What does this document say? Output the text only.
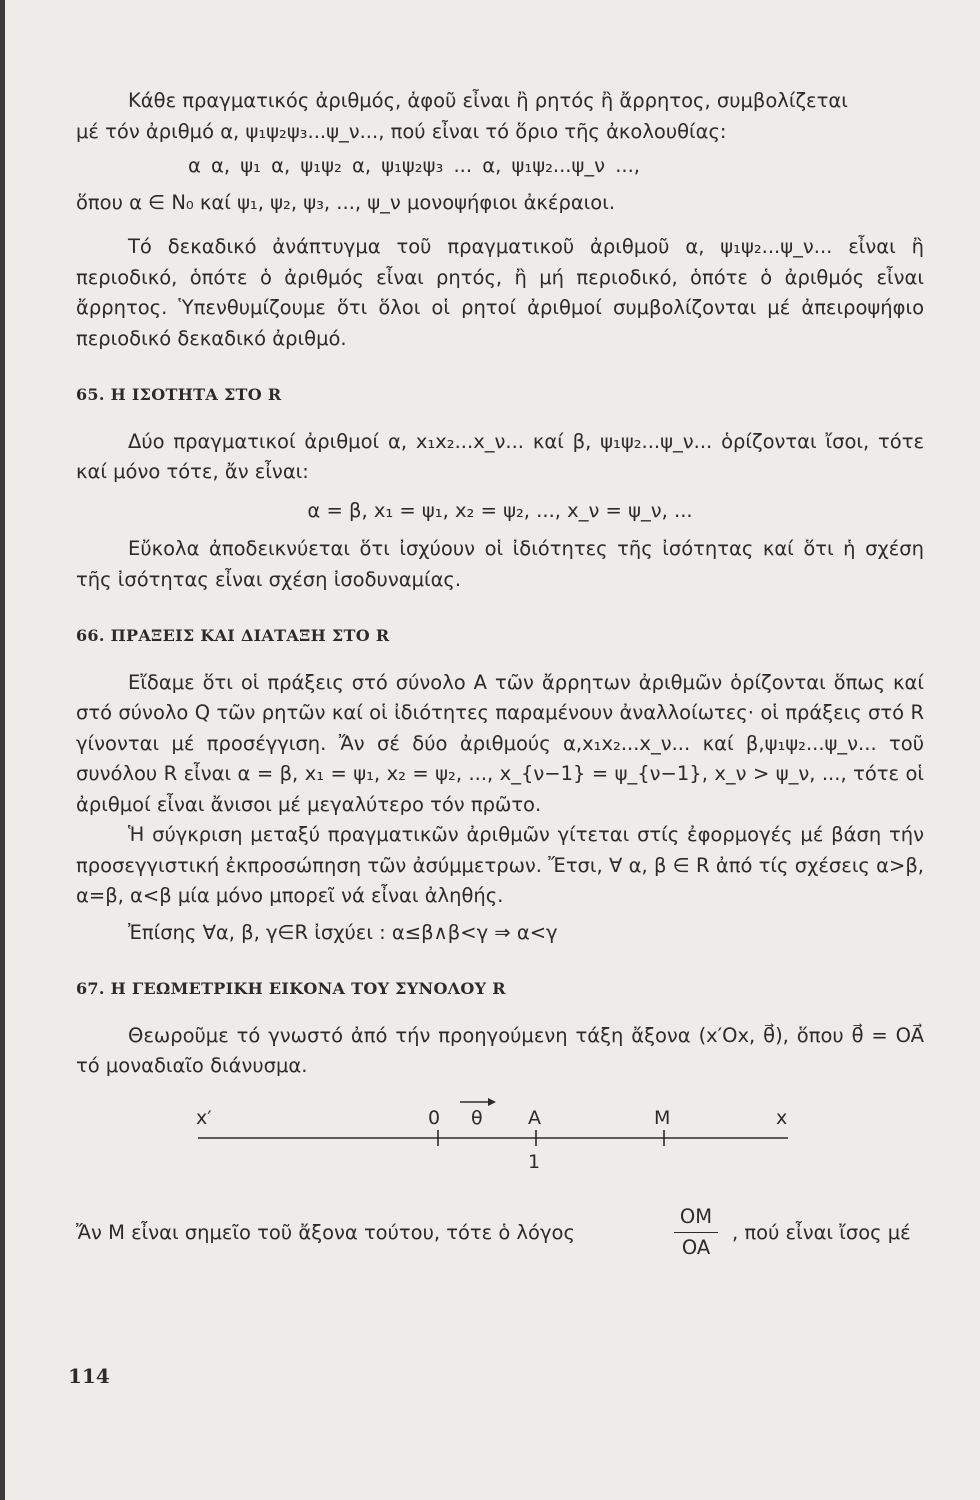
Κάθε πραγματικός ἀριθμός, ἀφοῦ εἶναι ἢ ρητός ἢ ἄρρητος, συμβολίζεται

μέ τόν ἀριθμό α, ψ₁ψ₂ψ₃...ψ_ν..., πού εἶναι τό ὅριο τῆς ἀκολουθίας:

α α, ψ₁ α, ψ₁ψ₂ α, ψ₁ψ₂ψ₃ ... α, ψ₁ψ₂...ψ_ν ...,

ὅπου α ∈ N₀ καί ψ₁, ψ₂, ψ₃, ..., ψ_ν μονοψήφιοι ἀκέραιοι.

Τό δεκαδικό ἀνάπτυγμα τοῦ πραγματικοῦ ἀριθμοῦ α, ψ₁ψ₂...ψ_ν... εἶναι ἢ περιοδικό, ὁπότε ὁ ἀριθμός εἶναι ρητός, ἢ μή περιοδικό, ὁπότε ὁ ἀριθμός εἶναι ἄρρητος. Ὑπενθυμίζουμε ὅτι ὅλοι οἱ ρητοί ἀριθμοί συμβολίζονται μέ ἀπειροψήφιο περιοδικό δεκαδικό ἀριθμό.

65. Η ΙΣΟΤΗΤΑ ΣΤΟ R

Δύο πραγματικοί ἀριθμοί α, x₁x₂...x_ν... καί β, ψ₁ψ₂...ψ_ν... ὁρίζονται ἴσοι, τότε καί μόνο τότε, ἄν εἶναι:

α = β, x₁ = ψ₁, x₂ = ψ₂, ..., x_ν = ψ_ν, ...

Εὔκολα ἀποδεικνύεται ὅτι ἰσχύουν οἱ ἰδιότητες τῆς ἰσότητας καί ὅτι ἡ σχέση τῆς ἰσότητας εἶναι σχέση ἰσοδυναμίας.

66. ΠΡΑΞΕΙΣ ΚΑΙ ΔΙΑΤΑΞΗ ΣΤΟ R

Εἴδαμε ὅτι οἱ πράξεις στό σύνολο A τῶν ἄρρητων ἀριθμῶν ὁρίζονται ὅπως καί στό σύνολο Q τῶν ρητῶν καί οἱ ἰδιότητες παραμένουν ἀναλλοίωτες· οἱ πράξεις στό R γίνονται μέ προσέγγιση. Ἄν σέ δύο ἀριθμούς α,x₁x₂...x_ν... καί β,ψ₁ψ₂...ψ_ν... τοῦ συνόλου R εἶναι α = β, x₁ = ψ₁, x₂ = ψ₂, ..., x_{ν−1} = ψ_{ν−1}, x_ν > ψ_ν, ..., τότε οἱ ἀριθμοί εἶναι ἄνισοι μέ μεγαλύτερο τόν πρῶτο.

Ἡ σύγκριση μεταξύ πραγματικῶν ἀριθμῶν γίτεται στίς ἐφορμογές μέ βάση τήν προσεγγιστική ἐκπροσώπηση τῶν ἀσύμμετρων. Ἔτσι, ∀ α, β ∈ R ἀπό τίς σχέσεις α>β, α=β, α<β μία μόνο μπορεῖ νά εἶναι ἀληθής.

Ἐπίσης ∀α, β, γ∈R ἰσχύει : α≤β∧β<γ ⇒ α<γ

67. Η ΓΕΩΜΕΤΡΙΚΗ ΕΙΚΟΝΑ ΤΟΥ ΣΥΝΟΛΟΥ R

Θεωροῦμε τό γνωστό ἀπό τήν προηγούμενη τάξη ἄξονα (x′Ox, θ⃗), ὅπου θ⃗ = OA⃗ τό μοναδιαῖο διάνυσμα.

x′	0 θ A	M	x
1
Ἄν M εἶναι σημεῖο τοῦ ἄξονα τούτου, τότε ὁ λόγος	$\frac{OM}{OA}$ , πού εἶναι ἴσος μέ
114
